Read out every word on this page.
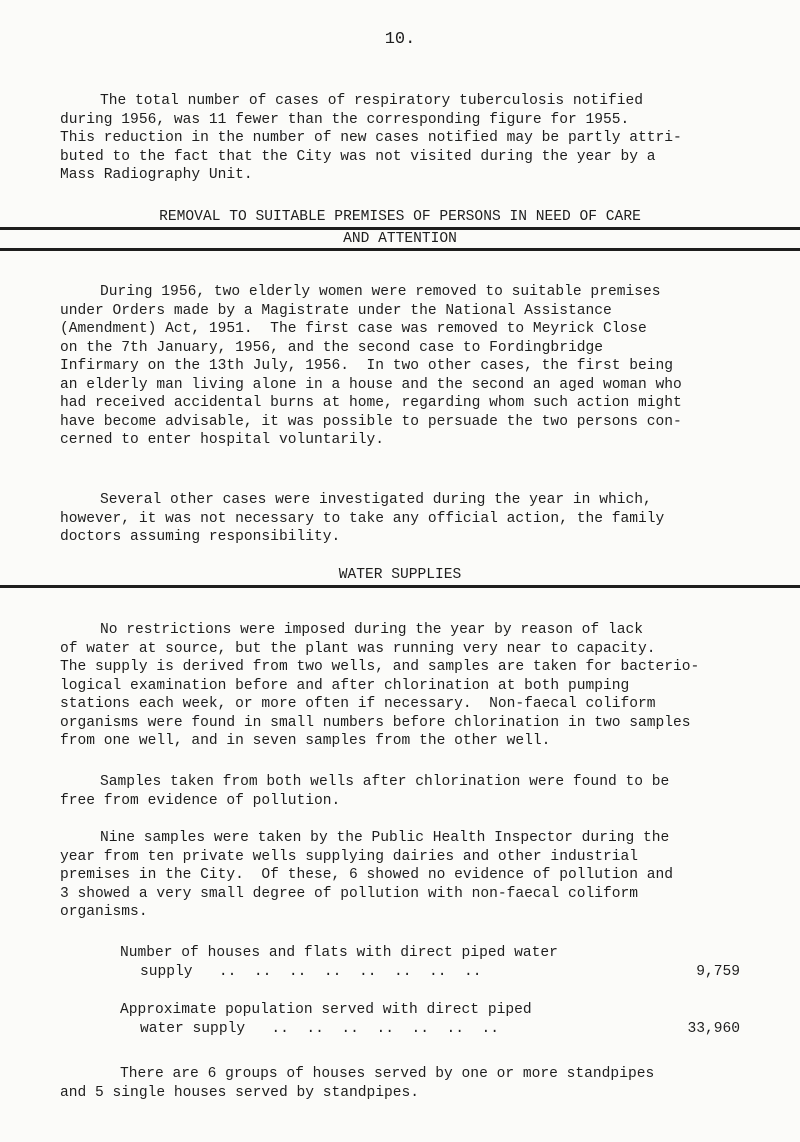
10.
The total number of cases of respiratory tuberculosis notified
during 1956, was 11 fewer than the corresponding figure for 1955.
This reduction in the number of new cases notified may be partly attri-
buted to the fact that the City was not visited during the year by a
Mass Radiography Unit.
REMOVAL TO SUITABLE PREMISES OF PERSONS IN NEED OF CARE
AND ATTENTION
During 1956, two elderly women were removed to suitable premises
under Orders made by a Magistrate under the National Assistance
(Amendment) Act, 1951.  The first case was removed to Meyrick Close
on the 7th January, 1956, and the second case to Fordingbridge
Infirmary on the 13th July, 1956.  In two other cases, the first being
an elderly man living alone in a house and the second an aged woman who
had received accidental burns at home, regarding whom such action might
have become advisable, it was possible to persuade the two persons con-
cerned to enter hospital voluntarily.
Several other cases were investigated during the year in which,
however, it was not necessary to take any official action, the family
doctors assuming responsibility.
WATER SUPPLIES
No restrictions were imposed during the year by reason of lack
of water at source, but the plant was running very near to capacity.
The supply is derived from two wells, and samples are taken for bacterio-
logical examination before and after chlorination at both pumping
stations each week, or more often if necessary.  Non-faecal coliform
organisms were found in small numbers before chlorination in two samples
from one well, and in seven samples from the other well.
Samples taken from both wells after chlorination were found to be
free from evidence of pollution.
Nine samples were taken by the Public Health Inspector during the
year from ten private wells supplying dairies and other industrial
premises in the City.  Of these, 6 showed no evidence of pollution and
3 showed a very small degree of pollution with non-faecal coliform
organisms.
Number of houses and flats with direct piped water
supply   ..  ..  ..  ..  ..  ..  ..  ..	9,759
Approximate population served with direct piped
water supply   ..  ..  ..  ..  ..  ..  ..	33,960
There are 6 groups of houses served by one or more standpipes
and 5 single houses served by standpipes.
